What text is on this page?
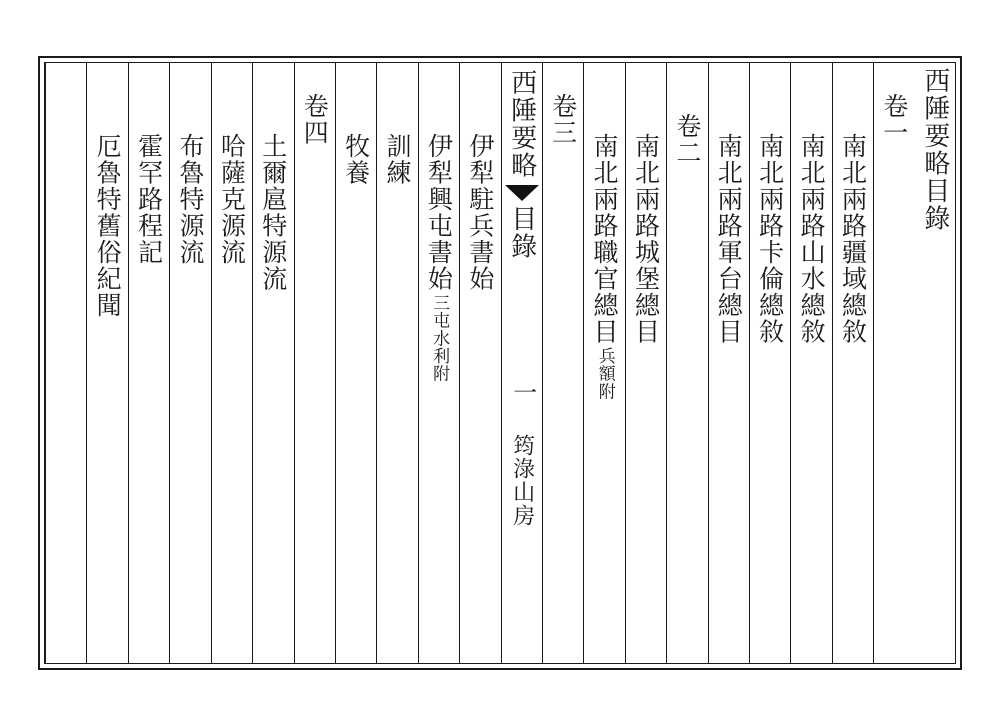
西陲要略目錄
卷一
南北兩路疆域總敘
南北兩路山水總敘
南北兩路卡倫總敘
南北兩路軍台總目
卷二
南北兩路城堡總目
南北兩路職官總目
兵額附
卷三
西陲要略
目錄
一
筠淥山房
伊犁駐兵書始
伊犁興屯書始
三屯水利附
訓練
牧養
卷四
土爾扈特源流
哈薩克源流
布魯特源流
霍罕路程記
厄魯特舊俗紀聞
